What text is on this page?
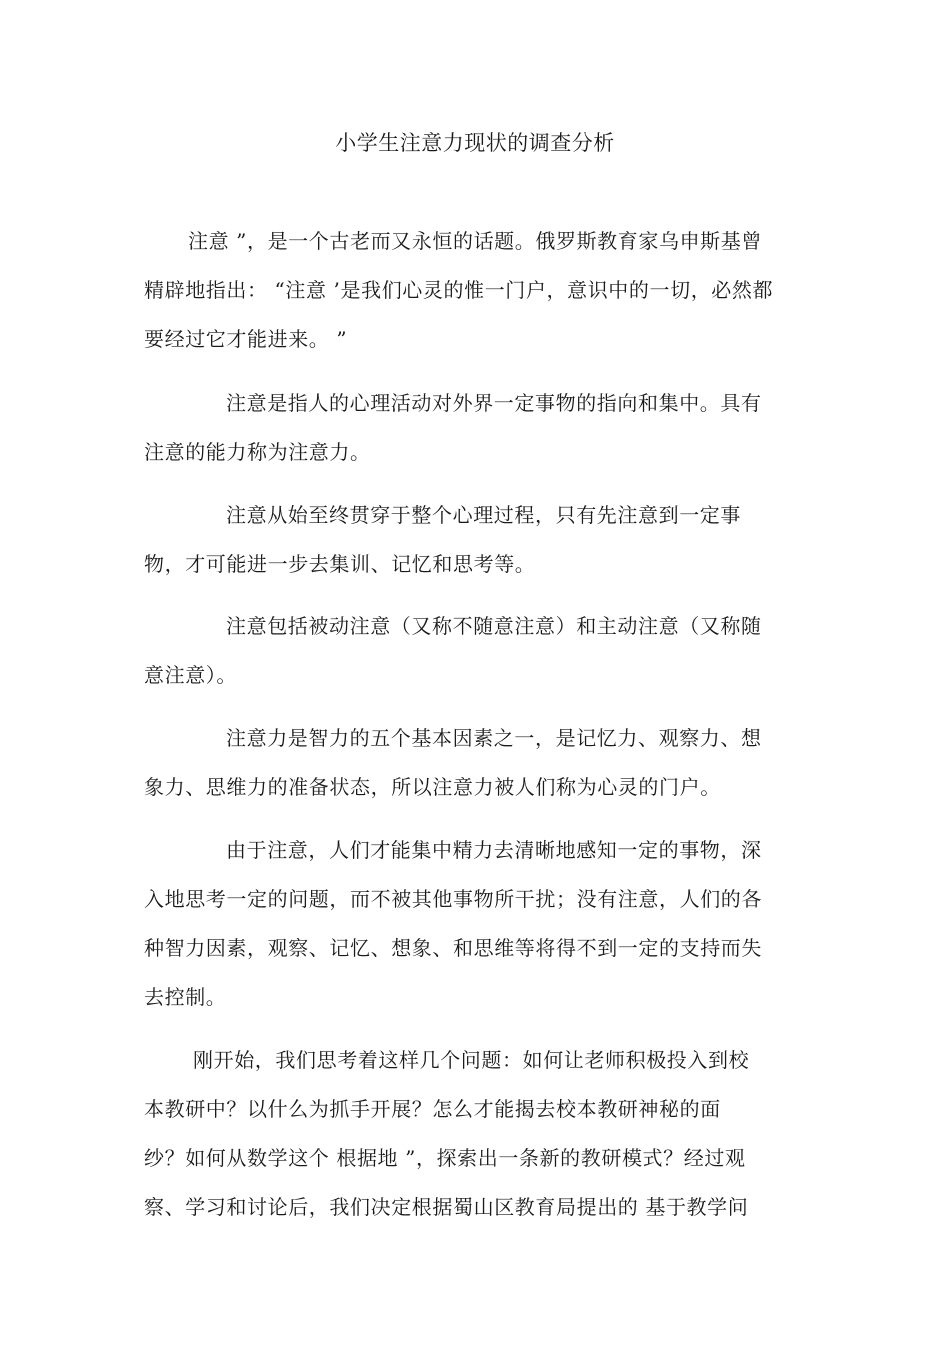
小学生注意力现状的调查分析
注意 ”，是一个古老而又永恒的话题。俄罗斯教育家乌申斯基曾
精辟地指出： “注意 ’是我们心灵的惟一门户，意识中的一切，必然都
要经过它才能进来。 ”
注意是指人的心理活动对外界一定事物的指向和集中。具有
注意的能力称为注意力。
注意从始至终贯穿于整个心理过程，只有先注意到一定事
物，才可能进一步去集训、记忆和思考等。
注意包括被动注意（又称不随意注意）和主动注意（又称随
意注意）。
注意力是智力的五个基本因素之一，是记忆力、观察力、想
象力、思维力的准备状态，所以注意力被人们称为心灵的门户。
由于注意，人们才能集中精力去清晰地感知一定的事物，深
入地思考一定的问题，而不被其他事物所干扰；没有注意，人们的各
种智力因素，观察、记忆、想象、和思维等将得不到一定的支持而失
去控制。
刚开始，我们思考着这样几个问题：如何让老师积极投入到校
本教研中？以什么为抓手开展？怎么才能揭去校本教研神秘的面
纱？如何从数学这个 根据地 ”，探索出一条新的教研模式？经过观
察、学习和讨论后，我们决定根据蜀山区教育局提出的 基于教学问
